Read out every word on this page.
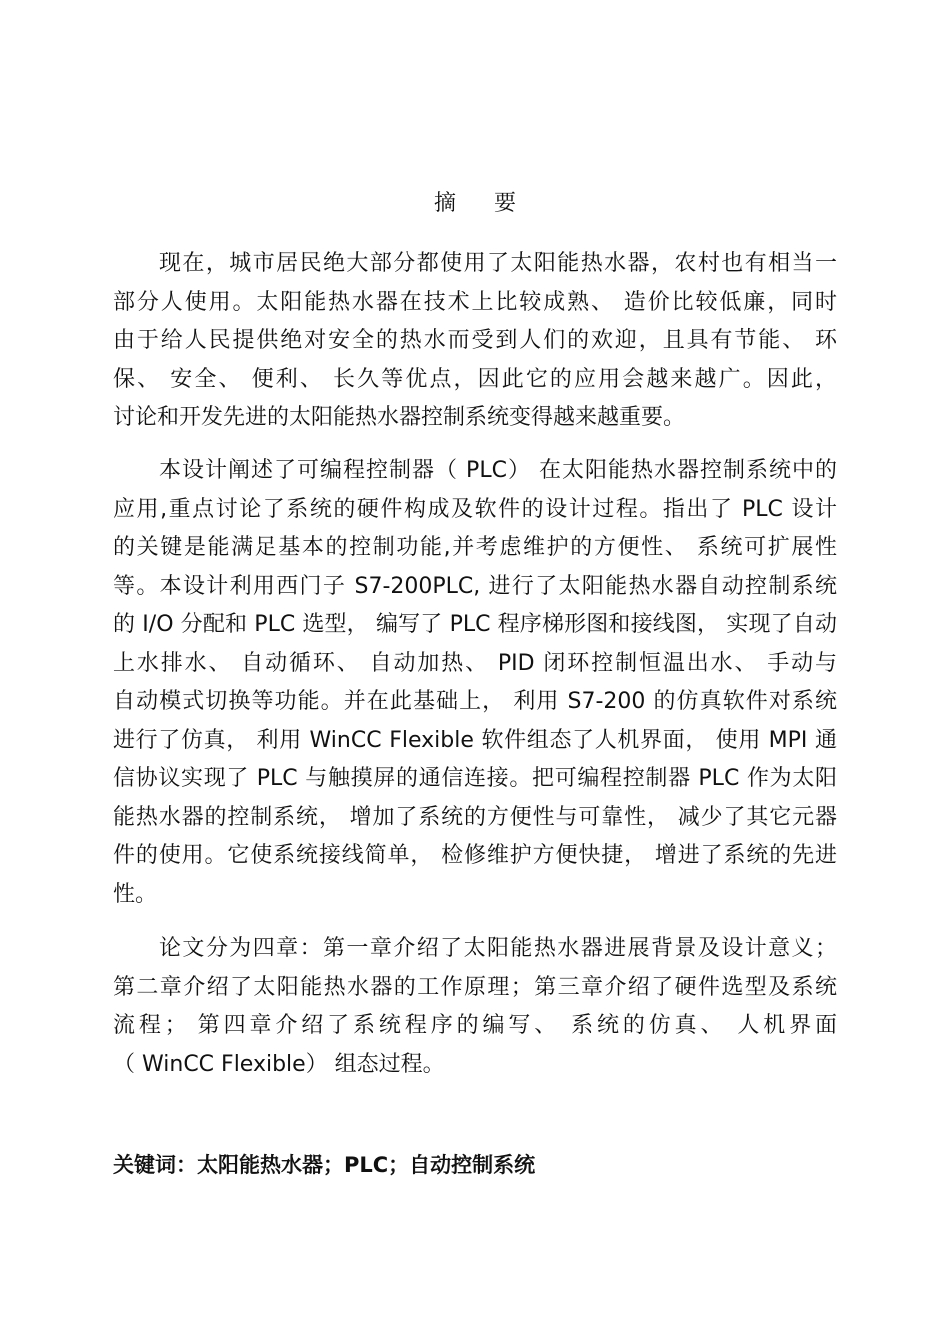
摘要
现在，城市居民绝大部分都使用了太阳能热水器，农村也有相当一
部分人使用。太阳能热水器在技术上比较成熟、 造价比较低廉，同时
由于给人民提供绝对安全的热水而受到人们的欢迎，且具有节能、 环
保、 安全、 便利、 长久等优点，因此它的应用会越来越广。因此，
讨论和开发先进的太阳能热水器控制系统变得越来越重要。
本设计阐述了可编程控制器（ PLC） 在太阳能热水器控制系统中的
应用,重点讨论了系统的硬件构成及软件的设计过程。指出了 PLC 设计
的关键是能满足基本的控制功能,并考虑维护的方便性、 系统可扩展性
等。本设计利用西门子 S7-200PLC, 进行了太阳能热水器自动控制系统
的 I/O 分配和 PLC 选型， 编写了 PLC 程序梯形图和接线图， 实现了自动
上水排水、 自动循环、 自动加热、 PID 闭环控制恒温出水、 手动与
自动模式切换等功能。并在此基础上， 利用 S7-200 的仿真软件对系统
进行了仿真， 利用 WinCC Flexible 软件组态了人机界面， 使用 MPI 通
信协议实现了 PLC 与触摸屏的通信连接。把可编程控制器 PLC 作为太阳
能热水器的控制系统， 增加了系统的方便性与可靠性， 减少了其它元器
件的使用。它使系统接线简单， 检修维护方便快捷， 增进了系统的先进
性。
论文分为四章：第一章介绍了太阳能热水器进展背景及设计意义；
第二章介绍了太阳能热水器的工作原理；第三章介绍了硬件选型及系统
流程； 第四章介绍了系统程序的编写、 系统的仿真、 人机界面
（ WinCC Flexible） 组态过程。
关键词：太阳能热水器；PLC；自动控制系统
